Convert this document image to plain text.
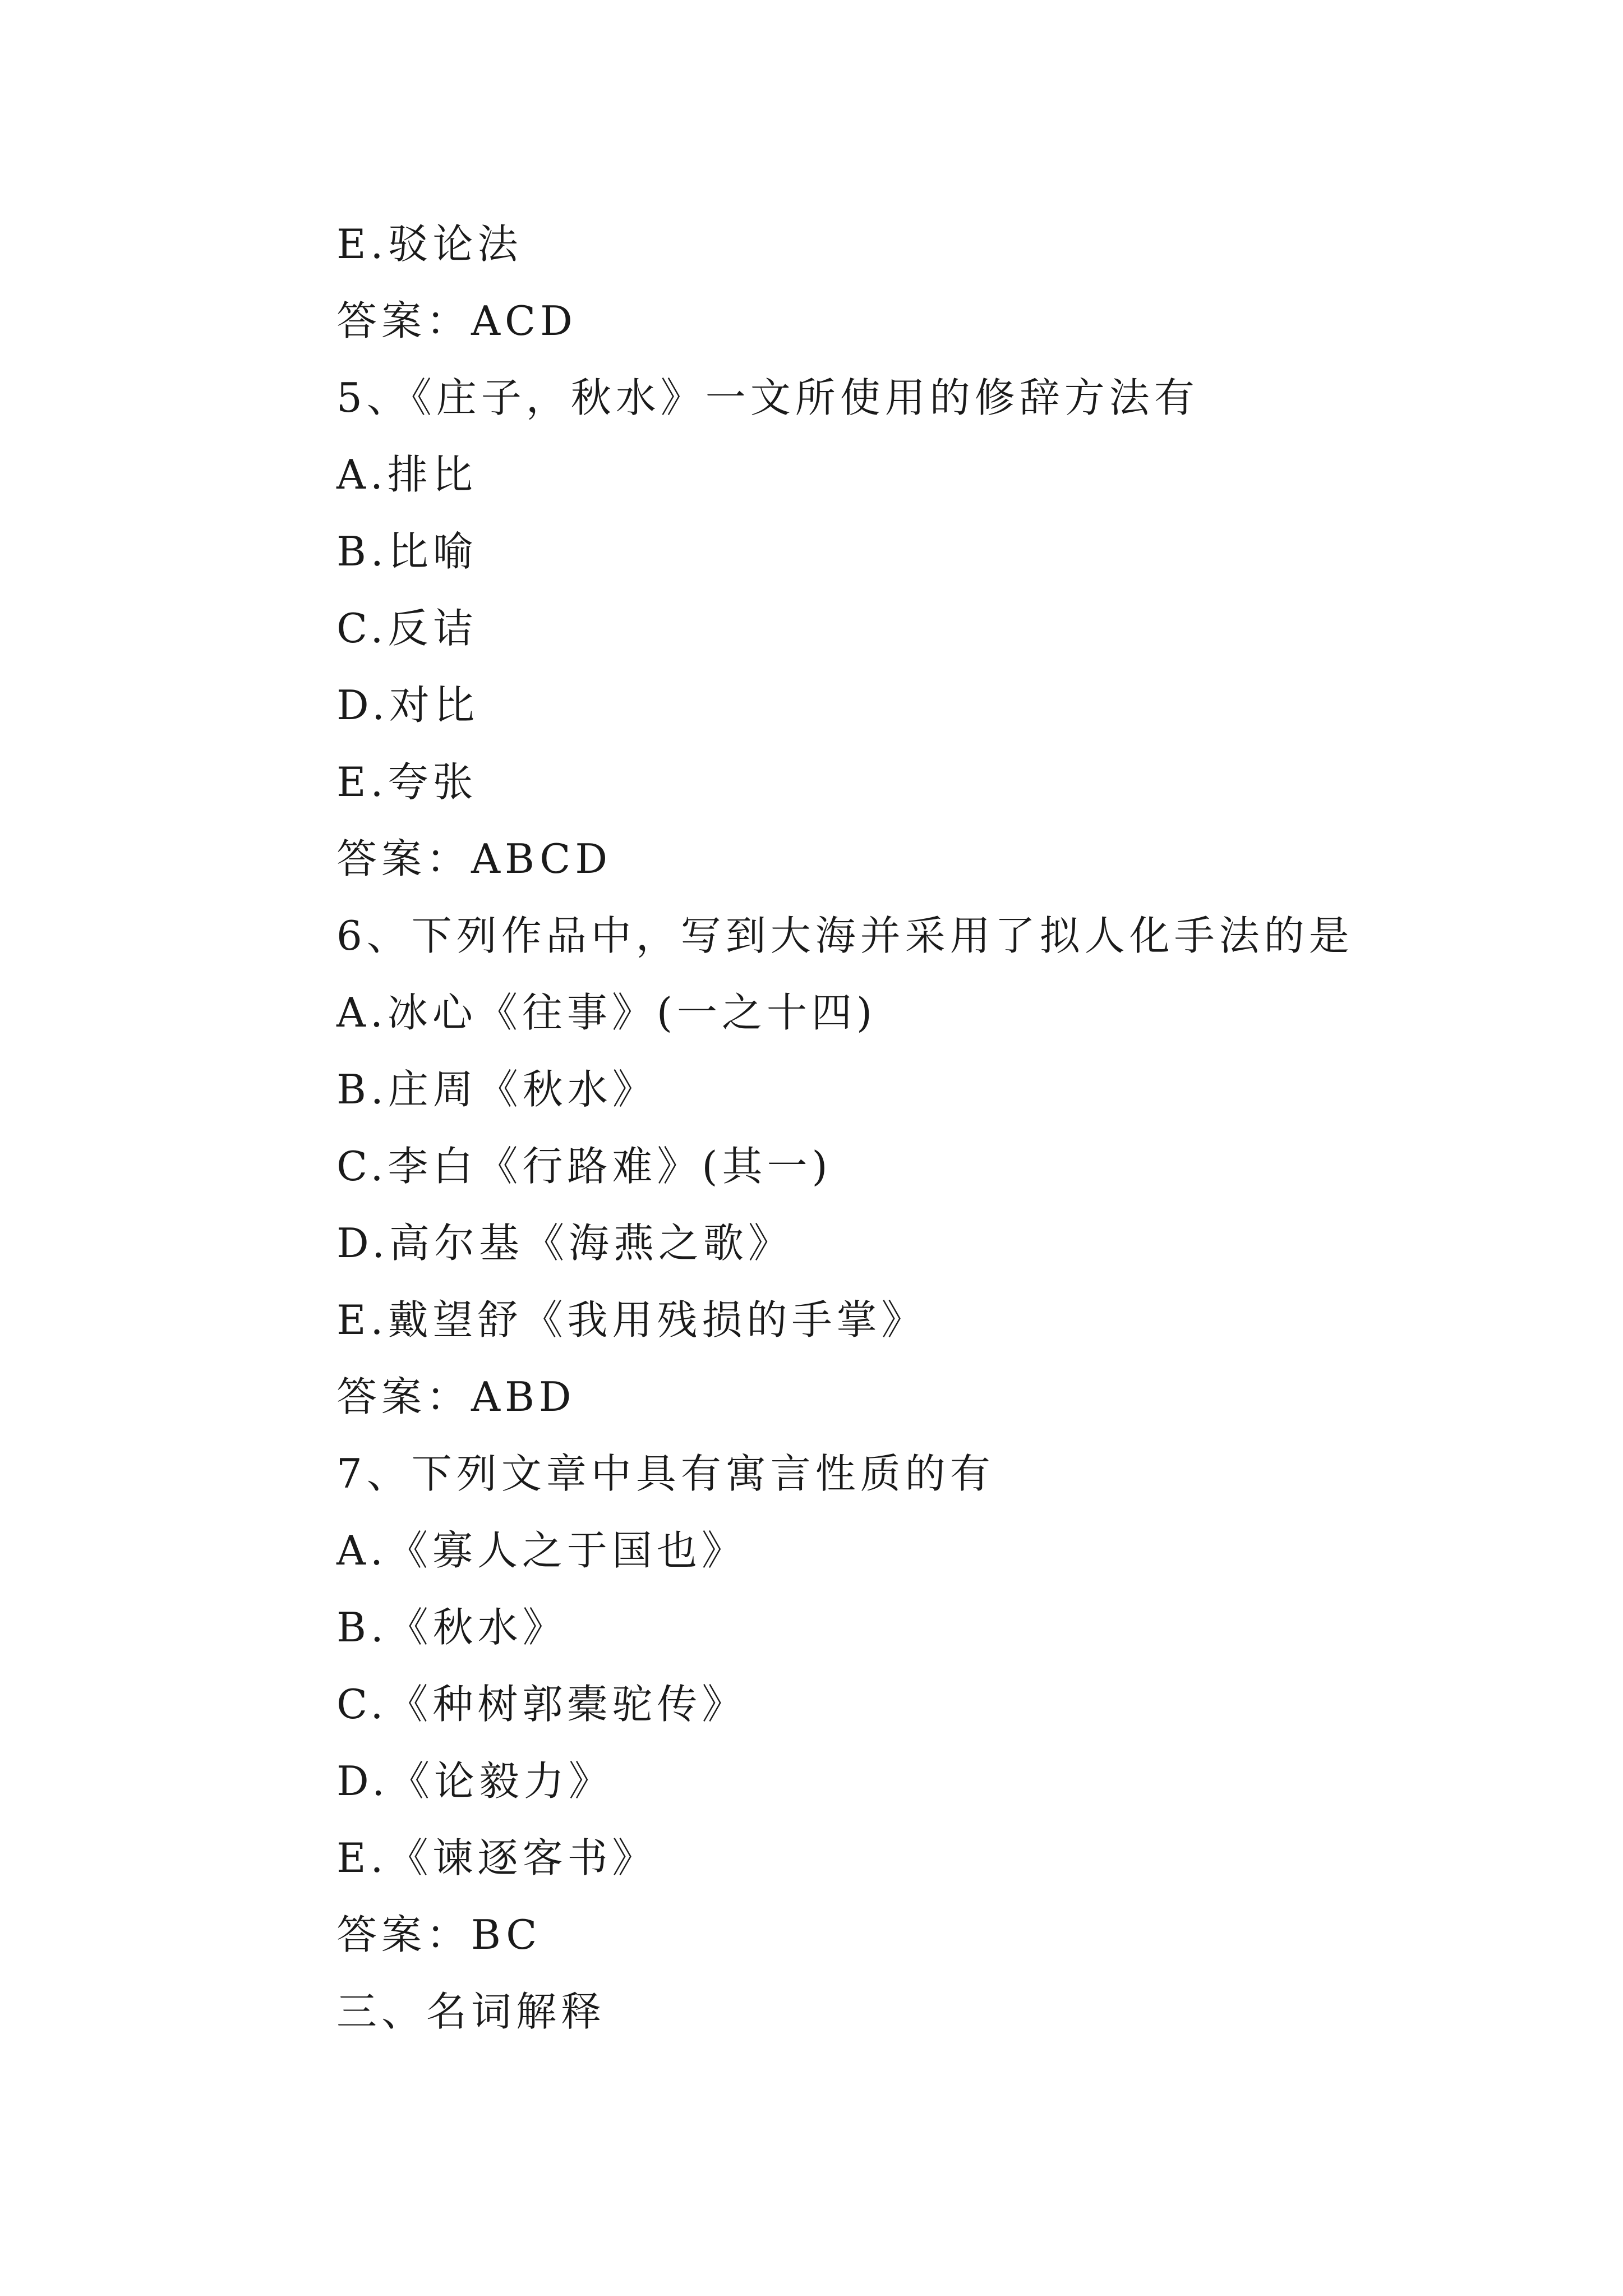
E.驳论法
答案：ACD
5、《庄子，秋水》一文所使用的修辞方法有
A.排比
B.比喻
C.反诘
D.对比
E.夸张
答案：ABCD
6、下列作品中，写到大海并采用了拟人化手法的是
A.冰心《往事》(一之十四)
B.庄周《秋水》
C.李白《行路难》(其一)
D.高尔基《海燕之歌》
E.戴望舒《我用残损的手掌》
答案：ABD
7、下列文章中具有寓言性质的有
A.《寡人之于国也》
B.《秋水》
C.《种树郭橐驼传》
D.《论毅力》
E.《谏逐客书》
答案：BC
三、名词解释
